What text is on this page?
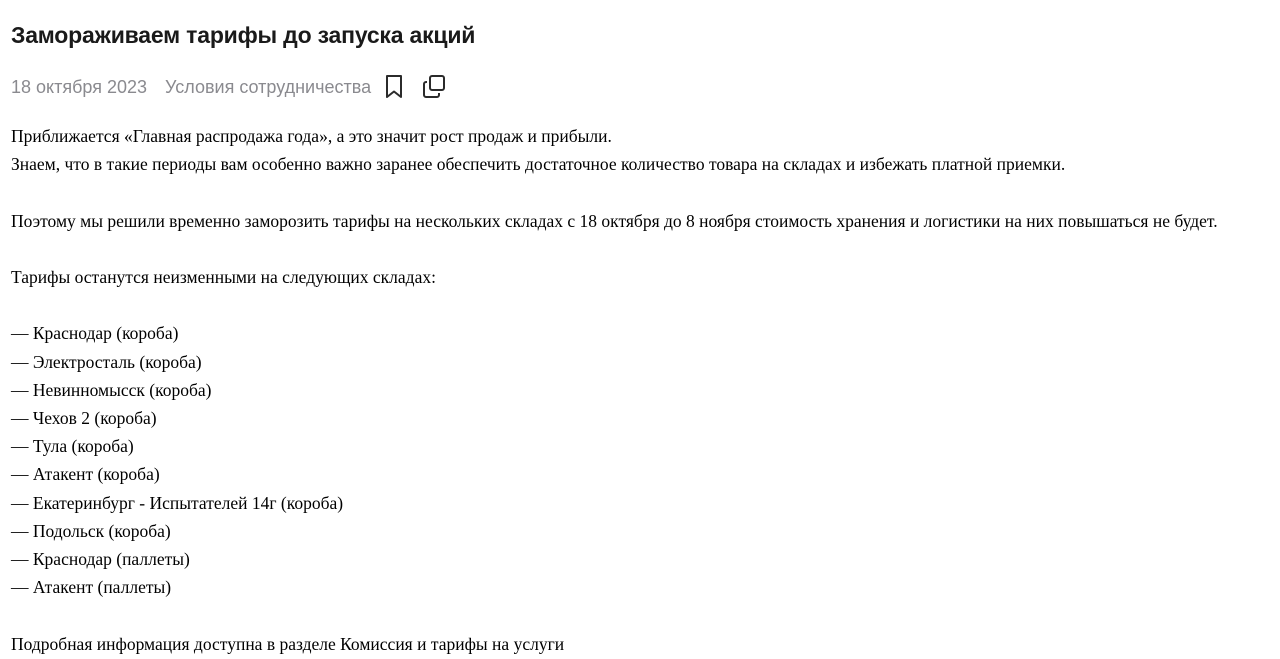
Замораживаем тарифы до запуска акций
18 октября 2023 Условия сотрудничества

Приближается «Главная распродажа года», а это значит рост продаж и прибыли.

Знаем, что в такие периоды вам особенно важно заранее обеспечить достаточное количество товара на складах и избежать платной приемки.

Поэтому мы решили временно заморозить тарифы на нескольких складах с 18 октября до 8 ноября стоимость хранения и логистики на них повышаться не будет.

Тарифы останутся неизменными на следующих складах:

— Краснодар (короба)

— Электросталь (короба)

— Невинномысск (короба)

— Чехов 2 (короба)

— Тула (короба)

— Атакент (короба)

— Екатеринбург - Испытателей 14г (короба)

— Подольск (короба)

— Краснодар (паллеты)

— Атакент (паллеты)

Подробная информация доступна в разделе Комиссия и тарифы на услуги
